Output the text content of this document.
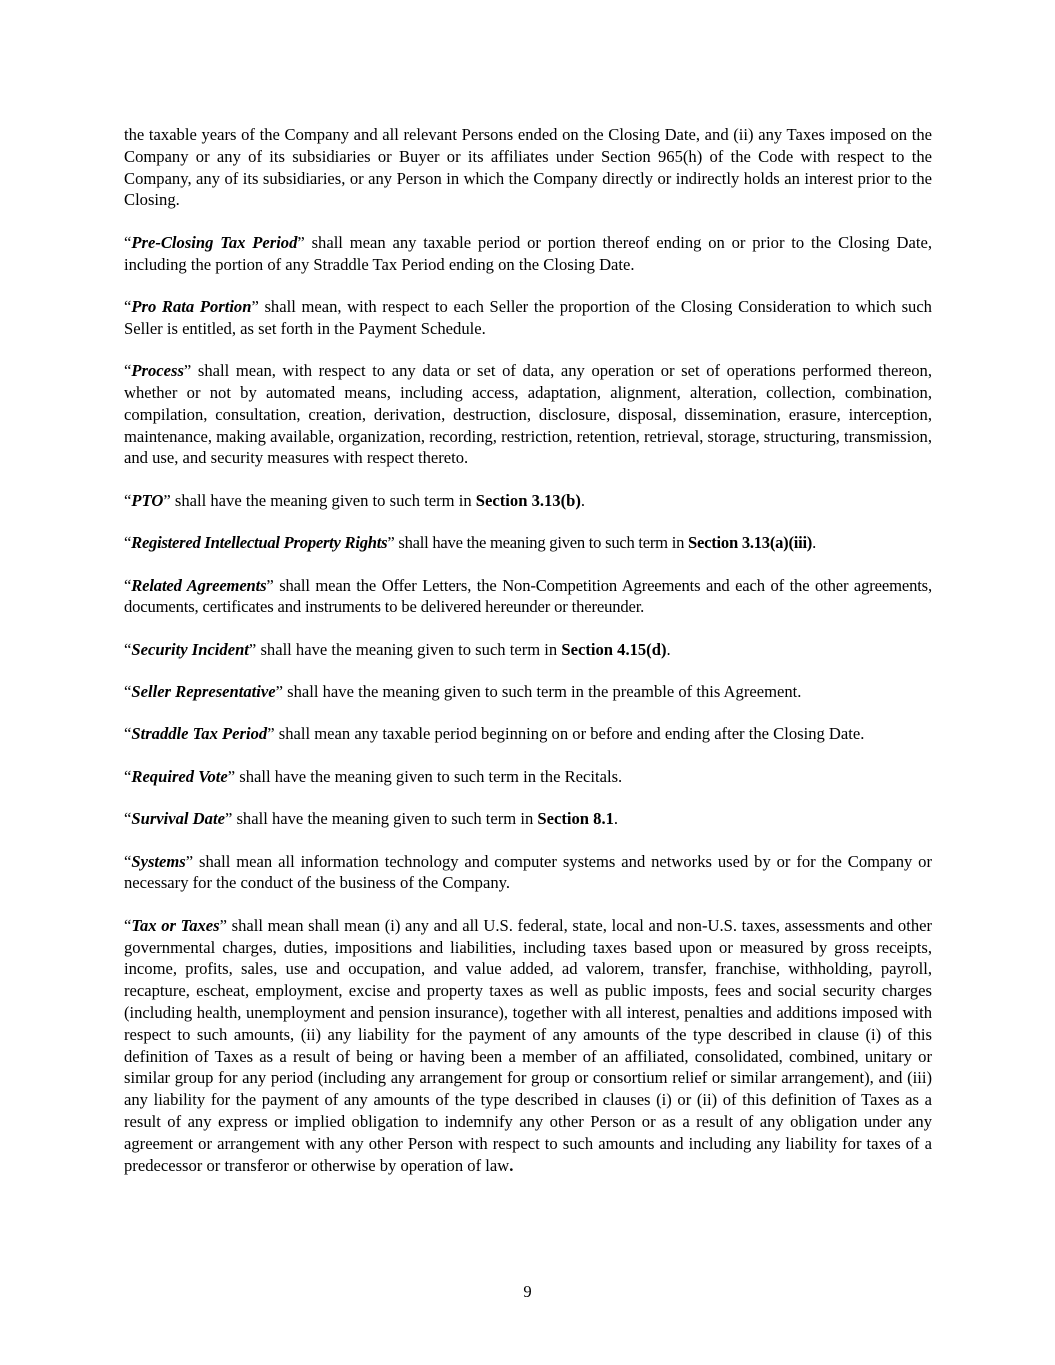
the taxable years of the Company and all relevant Persons ended on the Closing Date, and (ii) any Taxes imposed on the Company or any of its subsidiaries or Buyer or its affiliates under Section 965(h) of the Code with respect to the Company, any of its subsidiaries, or any Person in which the Company directly or indirectly holds an interest prior to the Closing.

“Pre-Closing Tax Period” shall mean any taxable period or portion thereof ending on or prior to the Closing Date, including the portion of any Straddle Tax Period ending on the Closing Date.

“Pro Rata Portion” shall mean, with respect to each Seller the proportion of the Closing Consideration to which such Seller is entitled, as set forth in the Payment Schedule.

“Process” shall mean, with respect to any data or set of data, any operation or set of operations performed thereon, whether or not by automated means, including access, adaptation, alignment, alteration, collection, combination, compilation, consultation, creation, derivation, destruction, disclosure, disposal, dissemination, erasure, interception, maintenance, making available, organization, recording, restriction, retention, retrieval, storage, structuring, transmission, and use, and security measures with respect thereto.

“PTO” shall have the meaning given to such term in Section 3.13(b).

“Registered Intellectual Property Rights” shall have the meaning given to such term in Section 3.13(a)(iii).

“Related Agreements” shall mean the Offer Letters, the Non-Competition Agreements and each of the other agreements, documents, certificates and instruments to be delivered hereunder or thereunder.

“Security Incident” shall have the meaning given to such term in Section 4.15(d).

“Seller Representative” shall have the meaning given to such term in the preamble of this Agreement.

“Straddle Tax Period” shall mean any taxable period beginning on or before and ending after the Closing Date.

“Required Vote” shall have the meaning given to such term in the Recitals.

“Survival Date” shall have the meaning given to such term in Section 8.1.

“Systems” shall mean all information technology and computer systems and networks used by or for the Company or necessary for the conduct of the business of the Company.

“Tax or Taxes” shall mean shall mean (i) any and all U.S. federal, state, local and non-U.S. taxes, assessments and other governmental charges, duties, impositions and liabilities, including taxes based upon or measured by gross receipts, income, profits, sales, use and occupation, and value added, ad valorem, transfer, franchise, withholding, payroll, recapture, escheat, employment, excise and property taxes as well as public imposts, fees and social security charges (including health, unemployment and pension insurance), together with all interest, penalties and additions imposed with respect to such amounts, (ii) any liability for the payment of any amounts of the type described in clause (i) of this definition of Taxes as a result of being or having been a member of an affiliated, consolidated, combined, unitary or similar group for any period (including any arrangement for group or consortium relief or similar arrangement), and (iii) any liability for the payment of any amounts of the type described in clauses (i) or (ii) of this definition of Taxes as a result of any express or implied obligation to indemnify any other Person or as a result of any obligation under any agreement or arrangement with any other Person with respect to such amounts and including any liability for taxes of a predecessor or transferor or otherwise by operation of law.

9
